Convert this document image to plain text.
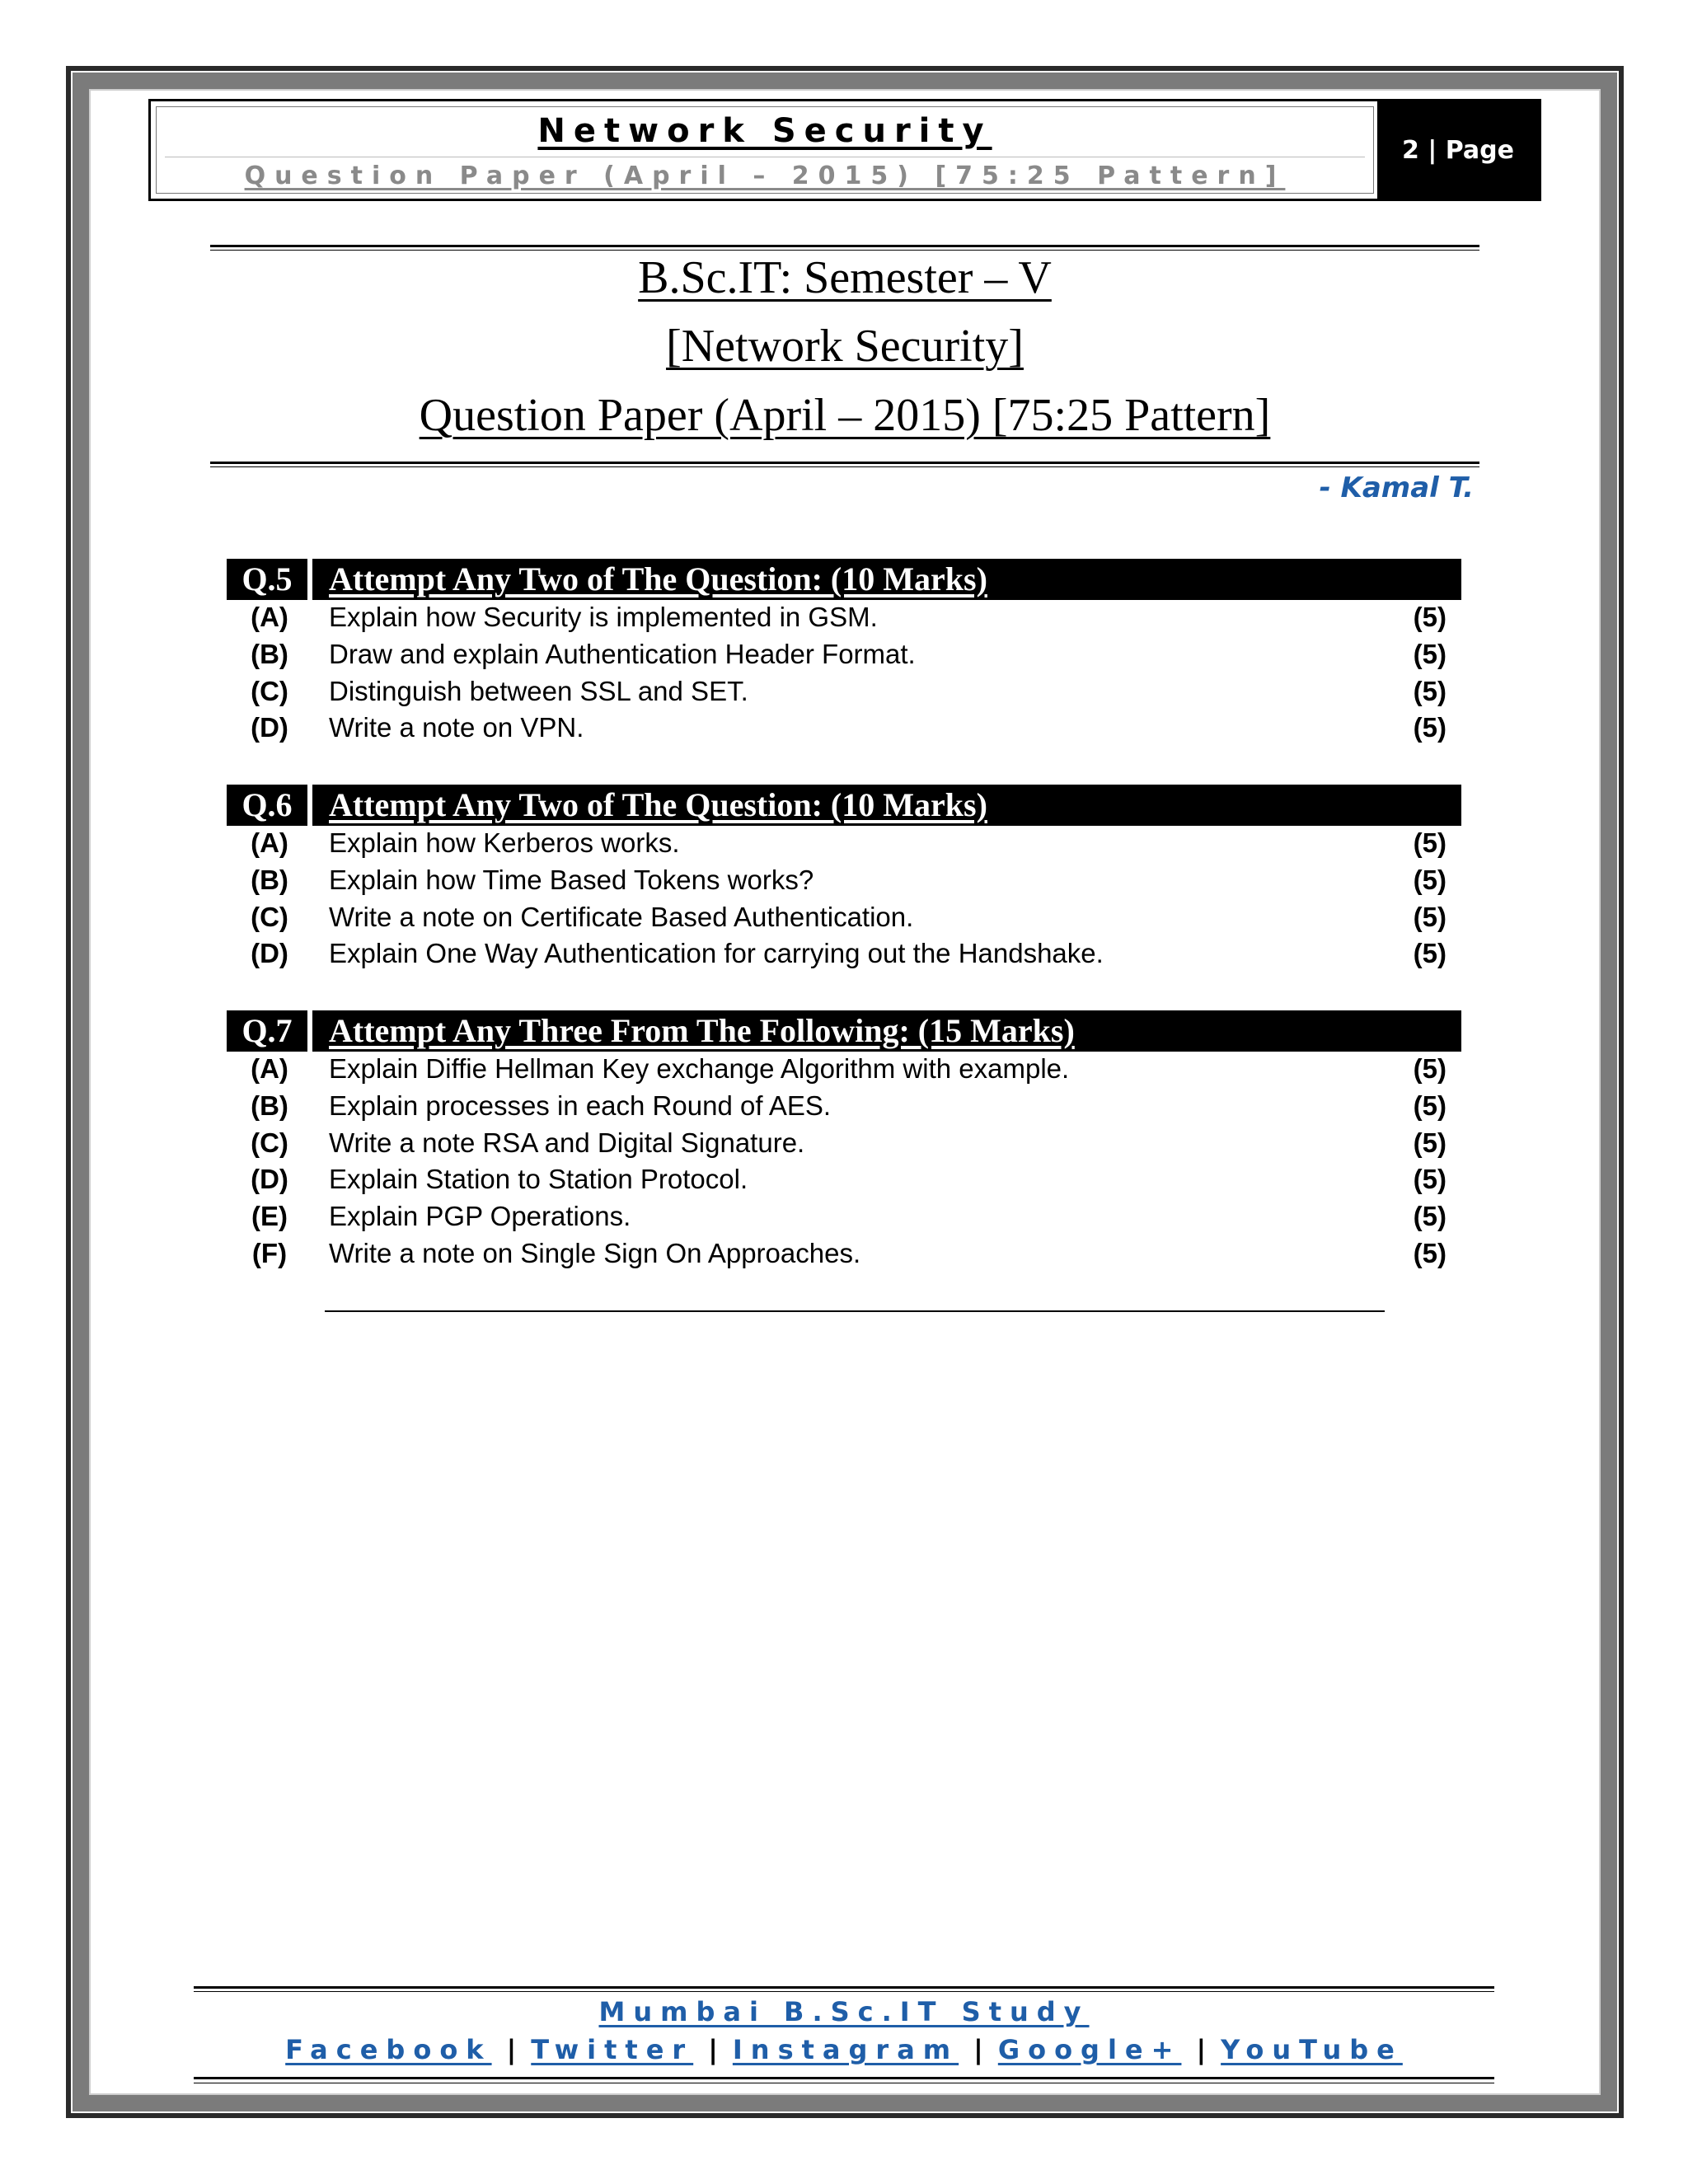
Network Security
Question Paper (April – 2015) [75:25 Pattern]
2 | Page
B.Sc.IT: Semester – V
[Network Security]
Question Paper (April – 2015) [75:25 Pattern]
- Kamal T.
Q.5	Attempt Any Two of The Question: (10 Marks)
(A)	Explain how Security is implemented in GSM.	(5)
(B)	Draw and explain Authentication Header Format.	(5)
(C)	Distinguish between SSL and SET.	(5)
(D)	Write a note on VPN.	(5)
Q.6	Attempt Any Two of The Question: (10 Marks)
(A)	Explain how Kerberos works.	(5)
(B)	Explain how Time Based Tokens works?	(5)
(C)	Write a note on Certificate Based Authentication.	(5)
(D)	Explain One Way Authentication for carrying out the Handshake.	(5)
Q.7	Attempt Any Three From The Following: (15 Marks)
(A)	Explain Diffie Hellman Key exchange Algorithm with example.	(5)
(B)	Explain processes in each Round of AES.	(5)
(C)	Write a note RSA and Digital Signature.	(5)
(D)	Explain Station to Station Protocol.	(5)
(E)	Explain PGP Operations.	(5)
(F)	Write a note on Single Sign On Approaches.	(5)
Mumbai B.Sc.IT Study
Facebook | Twitter | Instagram | Google+ | YouTube
